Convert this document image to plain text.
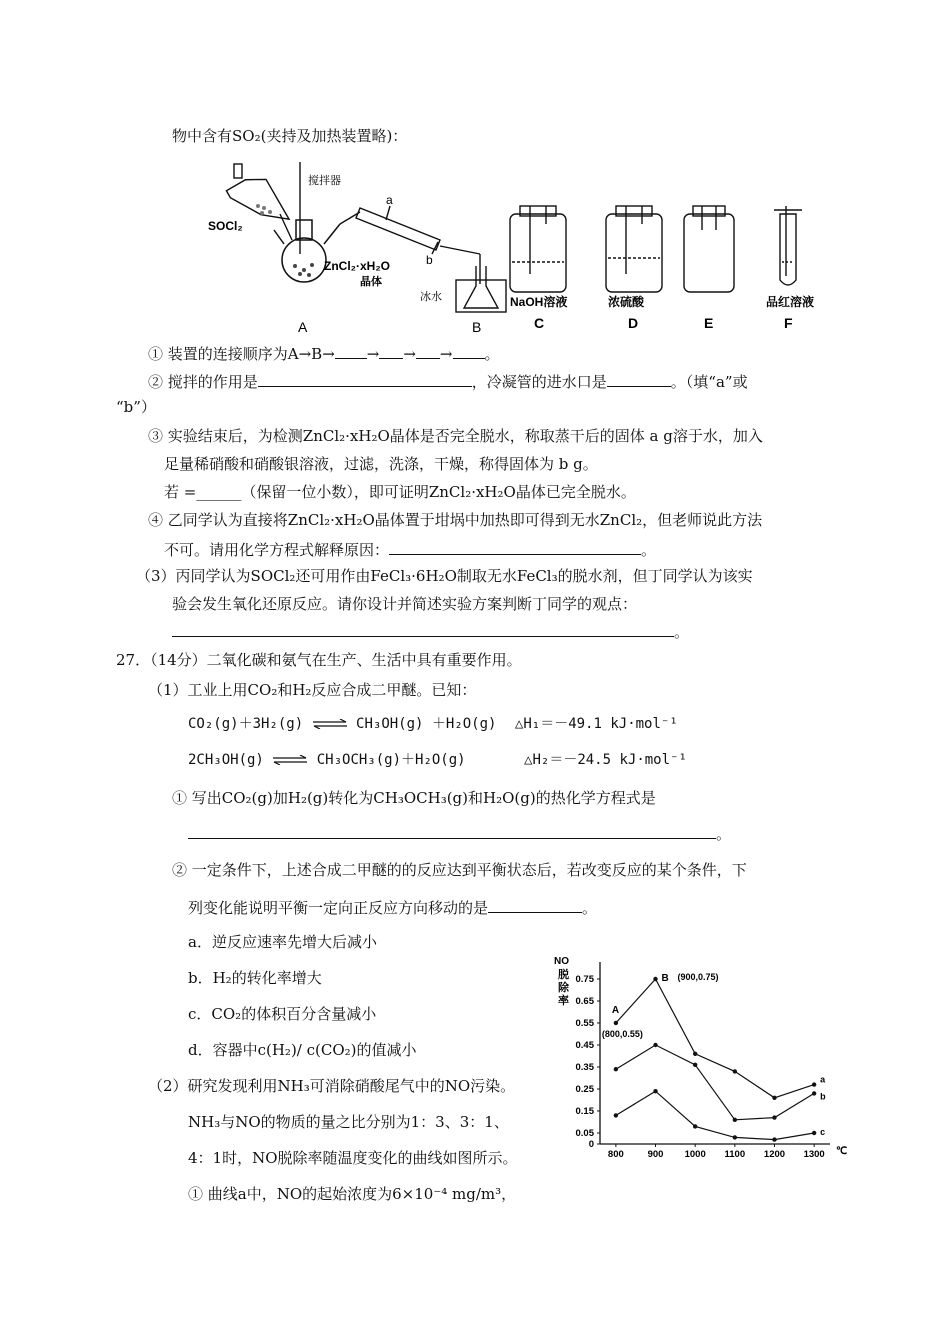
物中含有SO₂(夹持及加热装置略)：
SOCl₂
搅拌器
ZnCl₂·xH₂O
晶体
a
b
冰水	NaOH溶液	浓硫酸	品红溶液
A	B	C	D	E	F
① 装置的连接顺序为A→B→ → → → 。
② 搅拌的作用是	，冷凝管的进水口是	。（填“a”或
“b”）
③ 实验结束后，为检测ZnCl₂·xH₂O晶体是否完全脱水，称取蒸干后的固体 a g溶于水，加入
足量稀硝酸和硝酸银溶液，过滤，洗涤，干燥，称得固体为 b g。
若 =______（保留一位小数），即可证明ZnCl₂·xH₂O晶体已完全脱水。
④ 乙同学认为直接将ZnCl₂·xH₂O晶体置于坩埚中加热即可得到无水ZnCl₂，但老师说此方法
不可。请用化学方程式解释原因：	。
（3）丙同学认为SOCl₂还可用作由FeCl₃·6H₂O制取无水FeCl₃的脱水剂，但丁同学认为该实
验会发生氧化还原反应。请你设计并简述实验方案判断丁同学的观点：
。
27．（14分）二氧化碳和氨气在生产、生活中具有重要作用。
（1）工业上用CO₂和H₂反应合成二甲醚。已知：
CO₂(g)＋3H₂(g) ⇌ CH₃OH(g) ＋H₂O(g) △H₁＝－49.1 kJ·mol⁻¹
2CH₃OH(g) ⇌ CH₃OCH₃(g)＋H₂O(g)	△H₂＝－24.5 kJ·mol⁻¹
① 写出CO₂(g)加H₂(g)转化为CH₃OCH₃(g)和H₂O(g)的热化学方程式是
。
② 一定条件下，上述合成二甲醚的的反应达到平衡状态后，若改变反应的某个条件，下
列变化能说明平衡一定向正反应方向移动的是	。
a．逆反应速率先增大后减小
b．H₂的转化率增大
c．CO₂的体积百分含量减小
d．容器中c(H₂)/ c(CO₂)的值减小
（2）研究发现利用NH₃可消除硝酸尾气中的NO污染。
NH₃与NO的物质的量之比分别为1：3、3：1、
4：1时，NO脱除率随温度变化的曲线如图所示。
① 曲线a中，NO的起始浓度为6×10⁻⁴ mg/m³，
NO
脱
除
率
0
0.05
0.15
0.25
0.35
0.45
0.55
0.65
0.75
800	900 1000 1100 1200 1300 ℃
a
b
c
A
(800,0.55)
B (900,0.75)
